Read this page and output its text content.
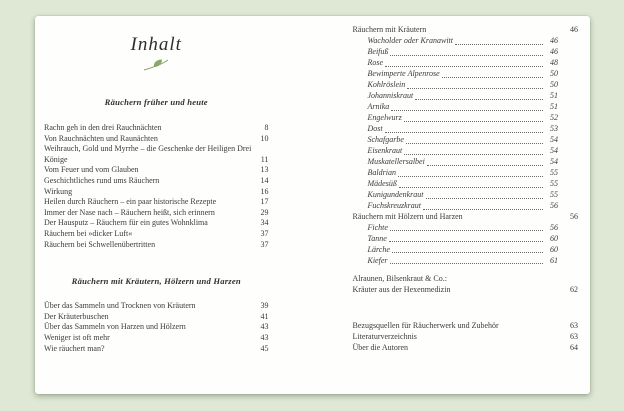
Inhalt
Räuchern früher und heute
Rachn geh in den drei Rauchnächten	8
Von Rauchnächten und Raunächten	10
Weihrauch, Gold und Myrrhe – die Geschenke der Heiligen Drei Könige	11
Vom Feuer und vom Glauben	13
Geschichtliches rund ums Räuchern	14
Wirkung	16
Heilen durch Räuchern – ein paar historische Rezepte	17
Immer der Nase nach – Räuchern heißt, sich erinnern	29
Der Hausputz – Räuchern für ein gutes Wohnklima	34
Räuchern bei »dicker Luft«	37
Räuchern bei Schwellenübertritten	37
Räuchern mit Kräutern, Hölzern und Harzen
Über das Sammeln und Trocknen von Kräutern	39
Der Kräuterbuschen	41
Über das Sammeln von Harzen und Hölzern	43
Weniger ist oft mehr	43
Wie räuchert man?	45
Räuchern mit Kräutern	46
Wacholder oder Kranawitt	46
Beifuß	46
Rose	48
Bewimperte Alpenrose	50
Kohlröslein	50
Johanniskraut	51
Arnika	51
Engelwurz	52
Dost	53
Schafgarbe	54
Eisenkraut	54
Muskatellersalbei	54
Baldrian	55
Mädesüß	55
Kunigundenkraut	55
Fuchskreuzkraut	56
Räuchern mit Hölzern und Harzen	56
Fichte	56
Tanne	60
Lärche	60
Kiefer	61
Alraunen, Bilsenkraut & Co.:
Kräuter aus der Hexenmedizin	62
Bezugsquellen für Räucherwerk und Zubehör	63
Literaturverzeichnis	63
Über die Autoren	64
